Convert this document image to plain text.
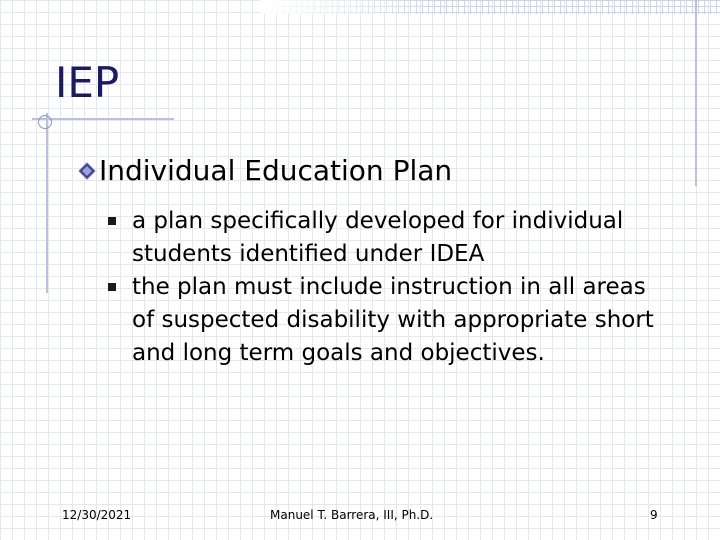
IEP
Individual Education Plan
a plan specifically developed for individual students identified under IDEA
the plan must include instruction in all areas of suspected disability with appropriate short and long term goals and objectives.
12/30/2021	Manuel T. Barrera, III, Ph.D.	9
